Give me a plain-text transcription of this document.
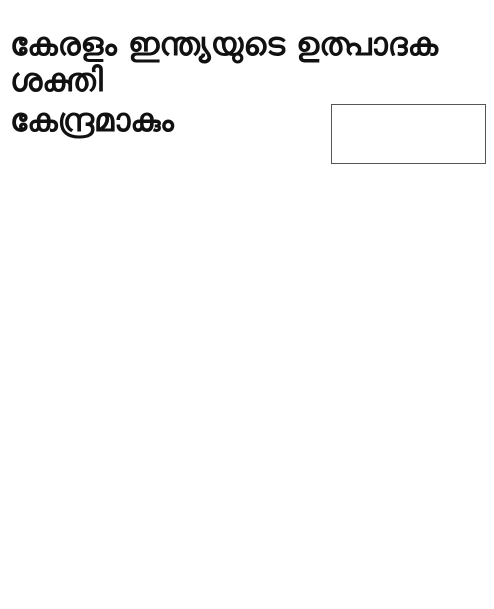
കേരളം ഇന്ത്യയുടെ ഉത്പാദക ശക്തി
കേന്ദ്രമാകും
